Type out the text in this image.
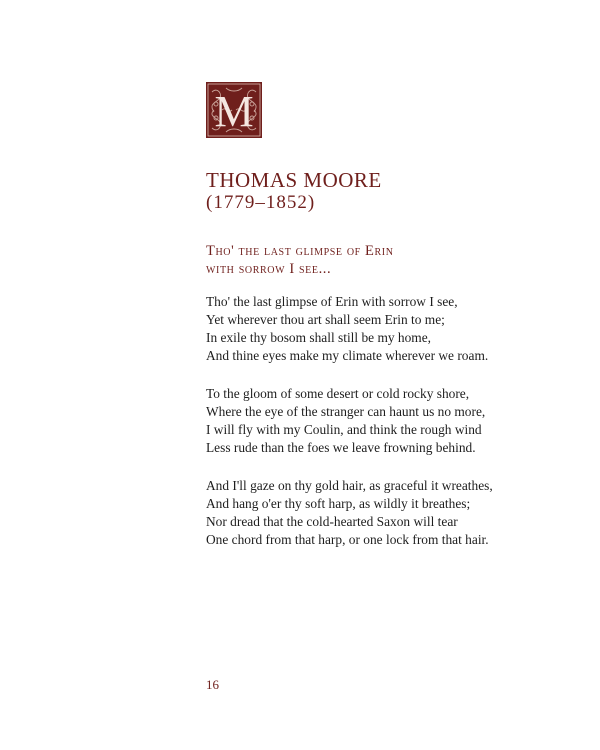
M
THOMAS MOORE
(1779–1852)
Tho' the last glimpse of Erin
with sorrow I see...
Tho' the last glimpse of Erin with sorrow I see,
Yet wherever thou art shall seem Erin to me;
In exile thy bosom shall still be my home,
And thine eyes make my climate wherever we roam.
To the gloom of some desert or cold rocky shore,
Where the eye of the stranger can haunt us no more,
I will fly with my Coulin, and think the rough wind
Less rude than the foes we leave frowning behind.
And I'll gaze on thy gold hair, as graceful it wreathes,
And hang o'er thy soft harp, as wildly it breathes;
Nor dread that the cold-hearted Saxon will tear
One chord from that harp, or one lock from that hair.
16
